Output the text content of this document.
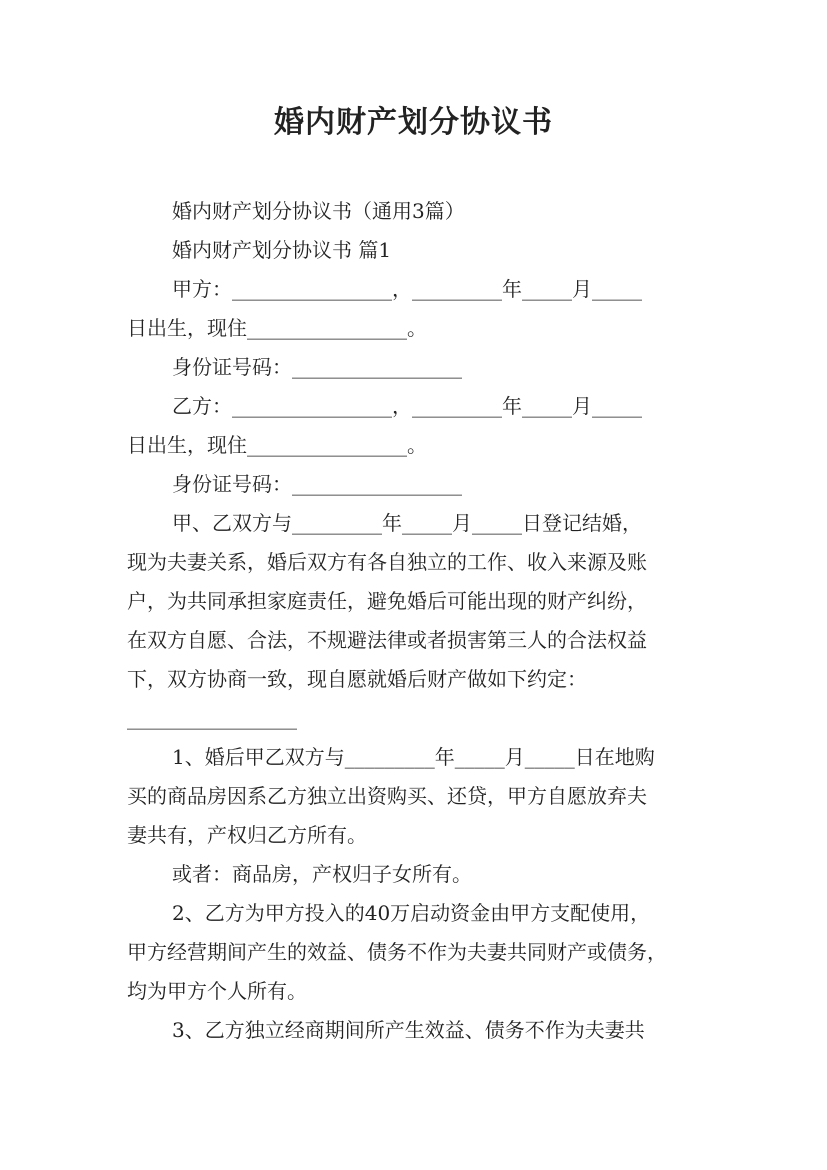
婚内财产划分协议书
婚内财产划分协议书（通用3篇）
婚内财产划分协议书 篇1
甲方：________________，_________年_____月_____
日出生，现住________________。
身份证号码：_________________
乙方：________________，_________年_____月_____
日出生，现住________________。
身份证号码：_________________
甲、乙双方与_________年_____月_____日登记结婚，
现为夫妻关系，婚后双方有各自独立的工作、收入来源及账
户，为共同承担家庭责任，避免婚后可能出现的财产纠纷，
在双方自愿、合法，不规避法律或者损害第三人的合法权益
下，双方协商一致，现自愿就婚后财产做如下约定：
_________________
1、婚后甲乙双方与_________年_____月_____日在地购
买的商品房因系乙方独立出资购买、还贷，甲方自愿放弃夫
妻共有，产权归乙方所有。
或者：商品房，产权归子女所有。
2、乙方为甲方投入的40万启动资金由甲方支配使用，
甲方经营期间产生的效益、债务不作为夫妻共同财产或债务，
均为甲方个人所有。
3、乙方独立经商期间所产生效益、债务不作为夫妻共
